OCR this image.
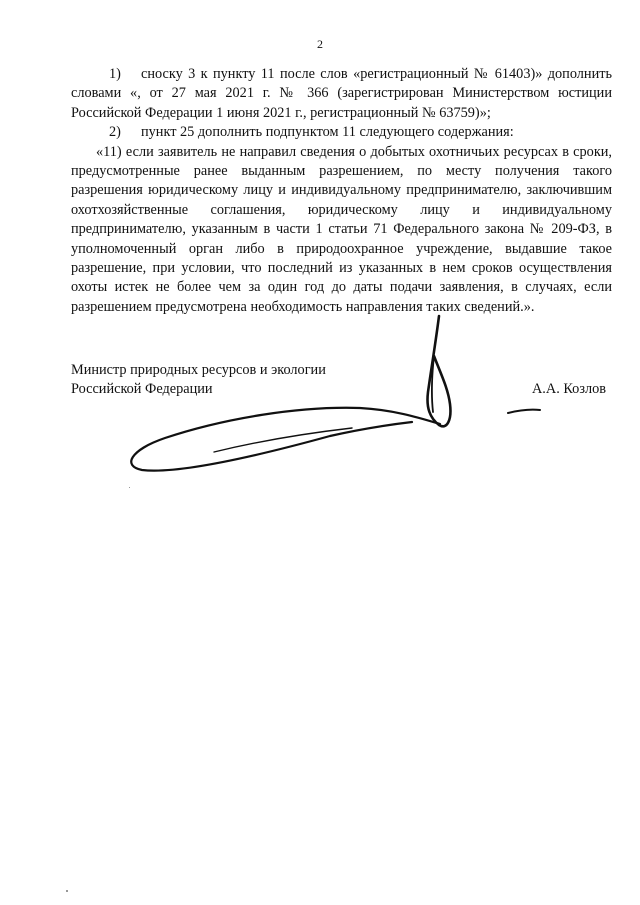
2

1) сноску 3 к пункту 11 после слов «регистрационный № 61403)» дополнить словами «, от 27 мая 2021 г. № 366 (зарегистрирован Министерством юстиции Российской Федерации 1 июня 2021 г., регистрационный № 63759)»;

2) пункт 25 дополнить подпунктом 11 следующего содержания:

«11) если заявитель не направил сведения о добытых охотничьих ресурсах в сроки, предусмотренные ранее выданным разрешением, по месту получения такого разрешения юридическому лицу и индивидуальному предпринимателю, заключившим охотхозяйственные соглашения, юридическому лицу и индивидуальному предпринимателю, указанным в части 1 статьи 71 Федерального закона № 209-ФЗ, в уполномоченный орган либо в природоохранное учреждение, выдавшие такое разрешение, при условии, что последний из указанных в нем сроков осуществления охоты истек не более чем за один год до даты подачи заявления, в случаях, если разрешением предусмотрена необходимость направления таких сведений.».

Министр природных ресурсов и экологии

Российской Федерации	А.А. Козлов
